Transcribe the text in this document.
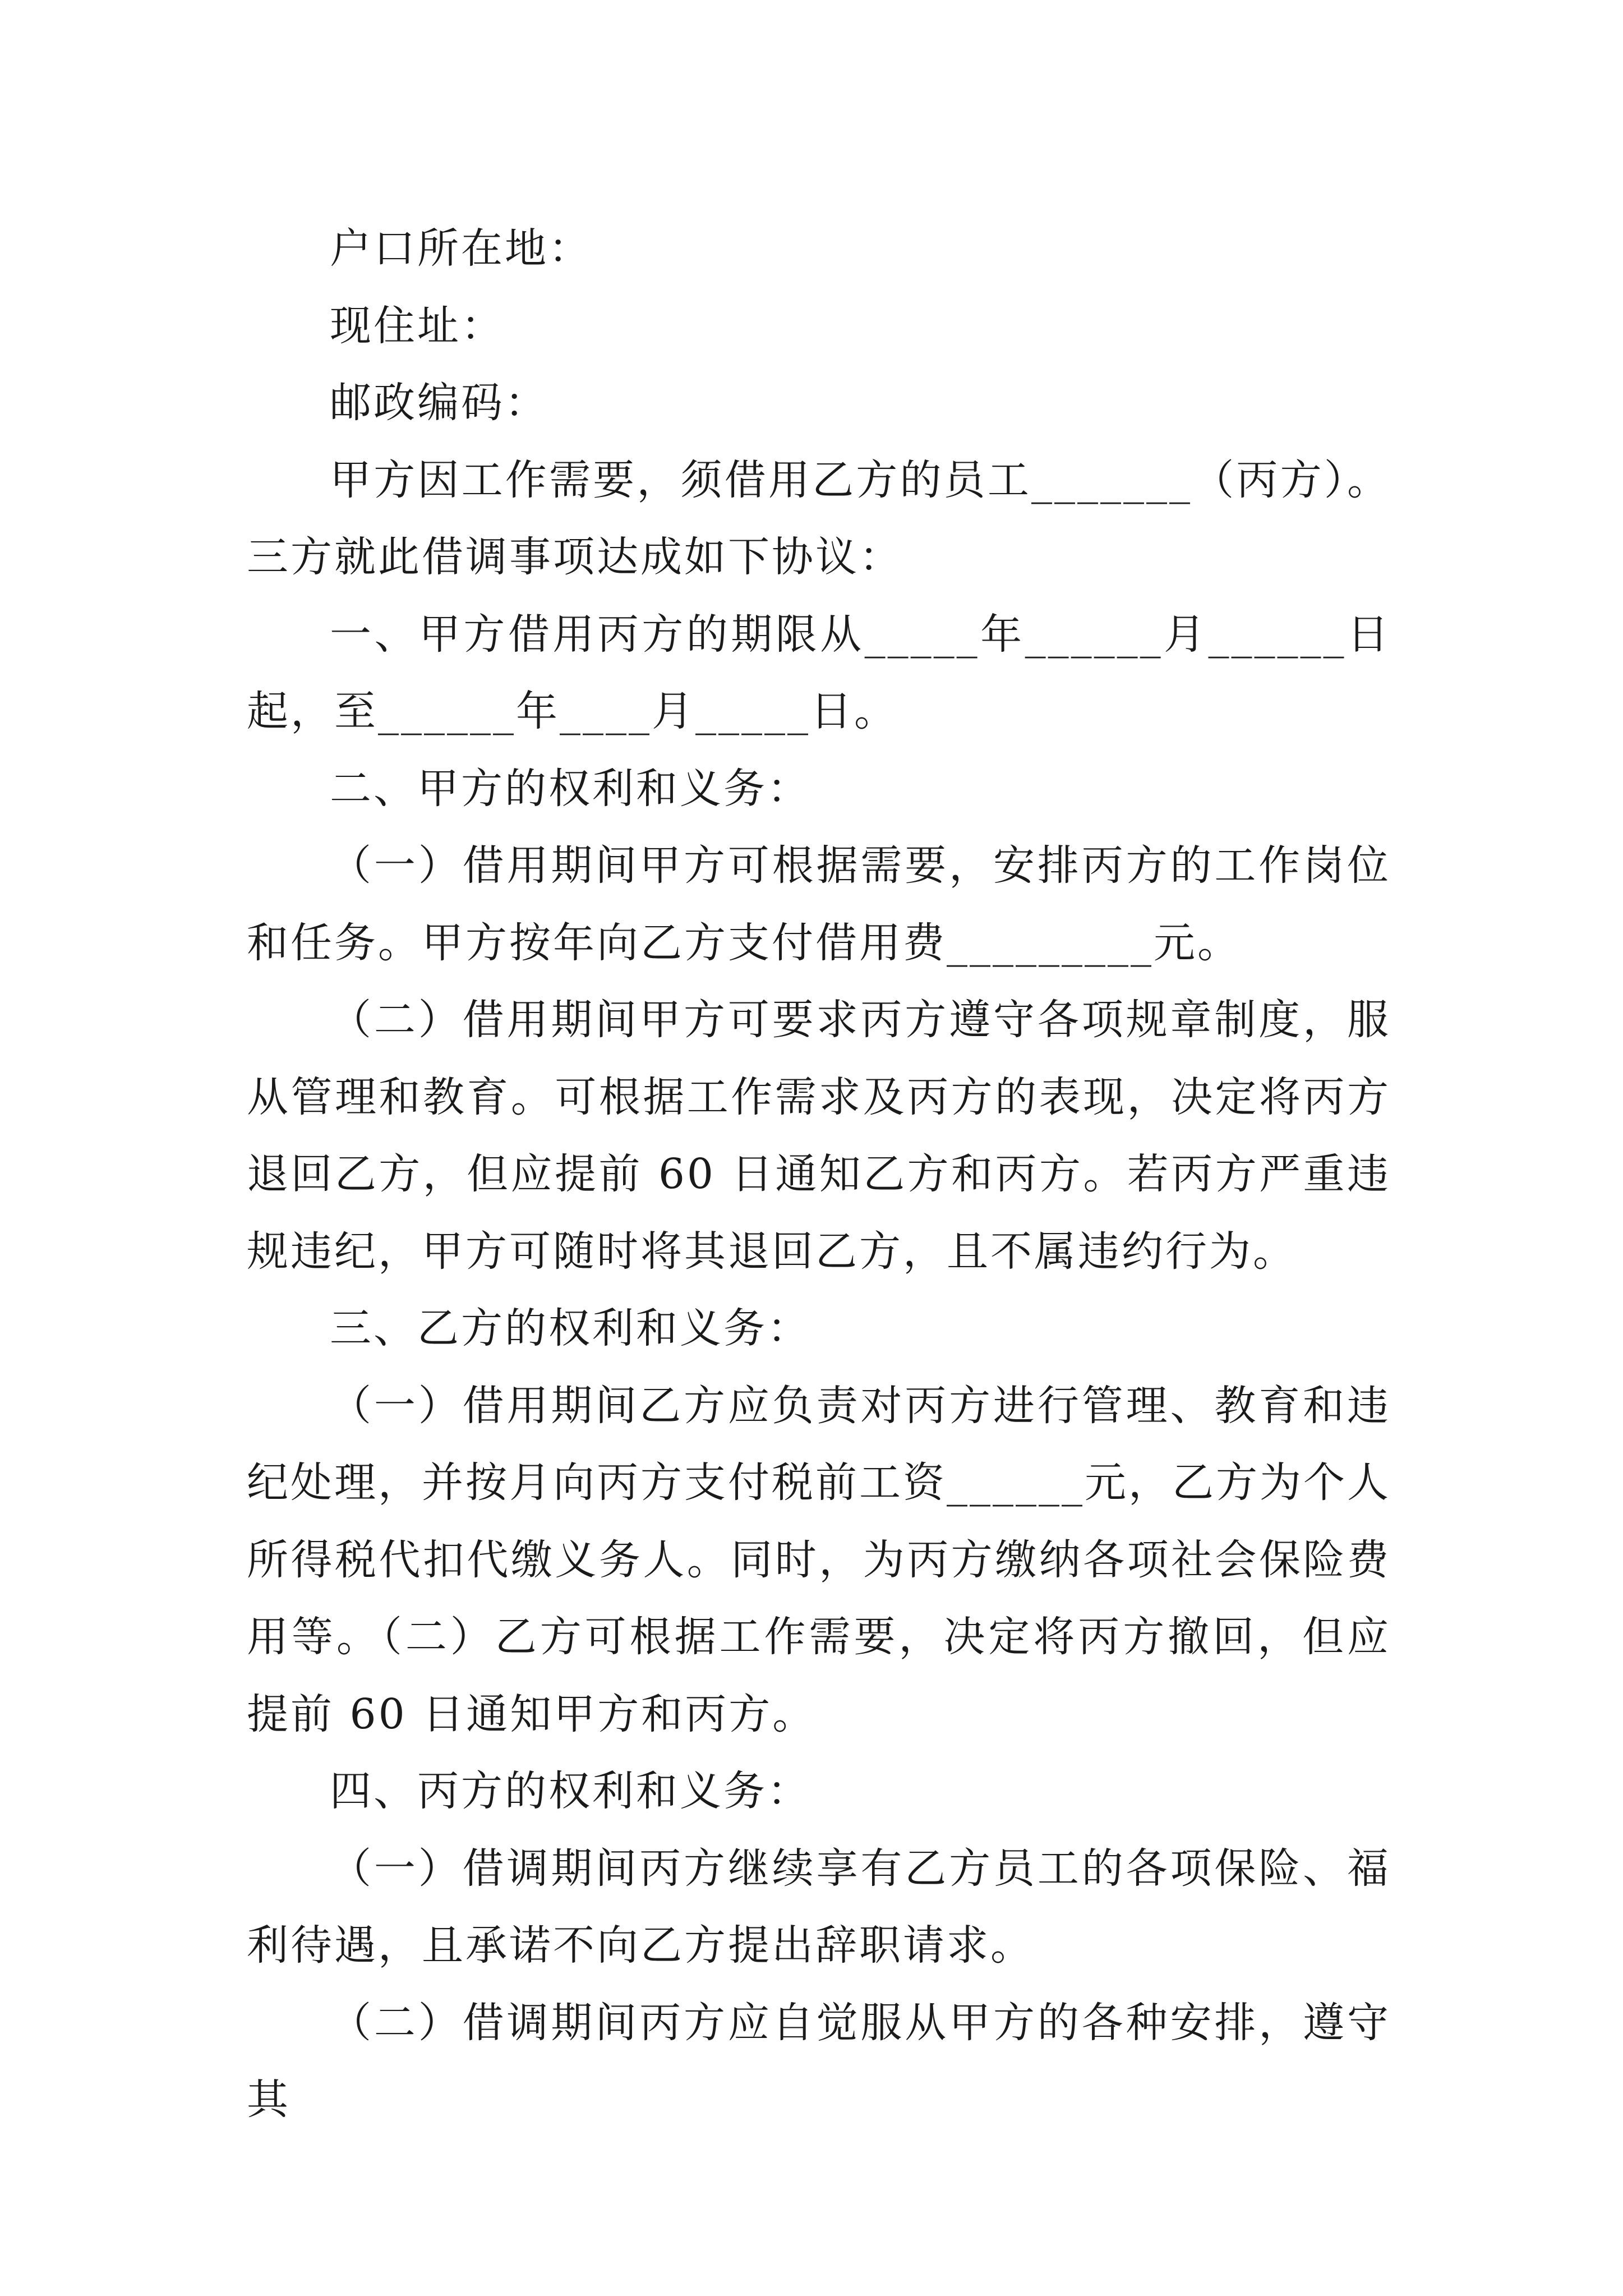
户口所在地：

现住址：

邮政编码：

甲方因工作需要，须借用乙方的员工_______（丙方）。三方就此借调事项达成如下协议：

一、甲方借用丙方的期限从_____年______月______日起，至______年____月_____日。

二、甲方的权利和义务：

（一）借用期间甲方可根据需要，安排丙方的工作岗位和任务。甲方按年向乙方支付借用费_________元。

（二）借用期间甲方可要求丙方遵守各项规章制度，服从管理和教育。可根据工作需求及丙方的表现，决定将丙方退回乙方，但应提前 60 日通知乙方和丙方。若丙方严重违规违纪，甲方可随时将其退回乙方，且不属违约行为。

三、乙方的权利和义务：

（一）借用期间乙方应负责对丙方进行管理、教育和违纪处理，并按月向丙方支付税前工资______元，乙方为个人所得税代扣代缴义务人。同时，为丙方缴纳各项社会保险费用等。（二）乙方可根据工作需要，决定将丙方撤回，但应提前 60 日通知甲方和丙方。

四、丙方的权利和义务：

（一）借调期间丙方继续享有乙方员工的各项保险、福利待遇，且承诺不向乙方提出辞职请求。

（二）借调期间丙方应自觉服从甲方的各种安排，遵守其
